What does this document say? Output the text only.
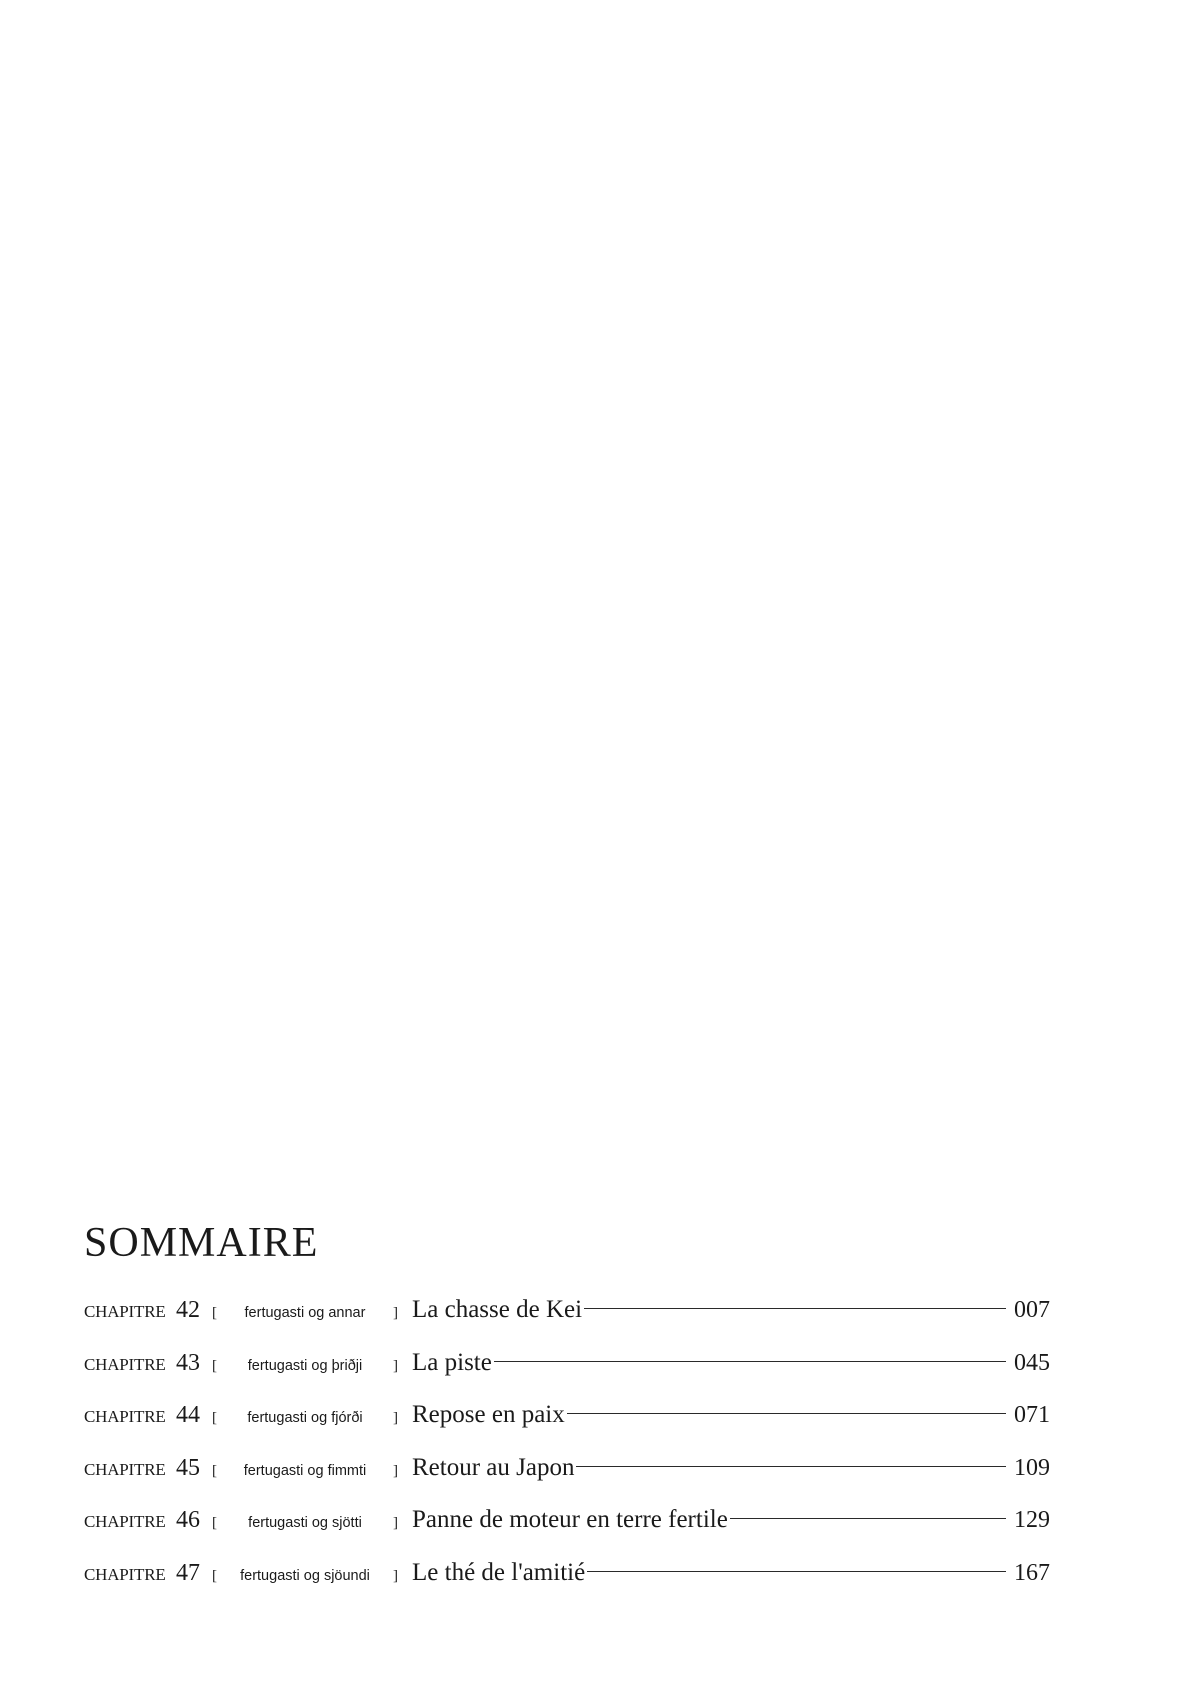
SOMMAIRE
CHAPITRE 42 [	fertugasti og annar	] La chasse de Kei	007
CHAPITRE 43 [	fertugasti og þriðji	] La piste	045
CHAPITRE 44 [	fertugasti og fjórði	] Repose en paix	071
CHAPITRE 45 [	fertugasti og fimmti	] Retour au Japon	109
CHAPITRE 46 [	fertugasti og sjötti	] Panne de moteur en terre fertile	129
CHAPITRE 47 [	fertugasti og sjöundi	] Le thé de l'amitié	167
